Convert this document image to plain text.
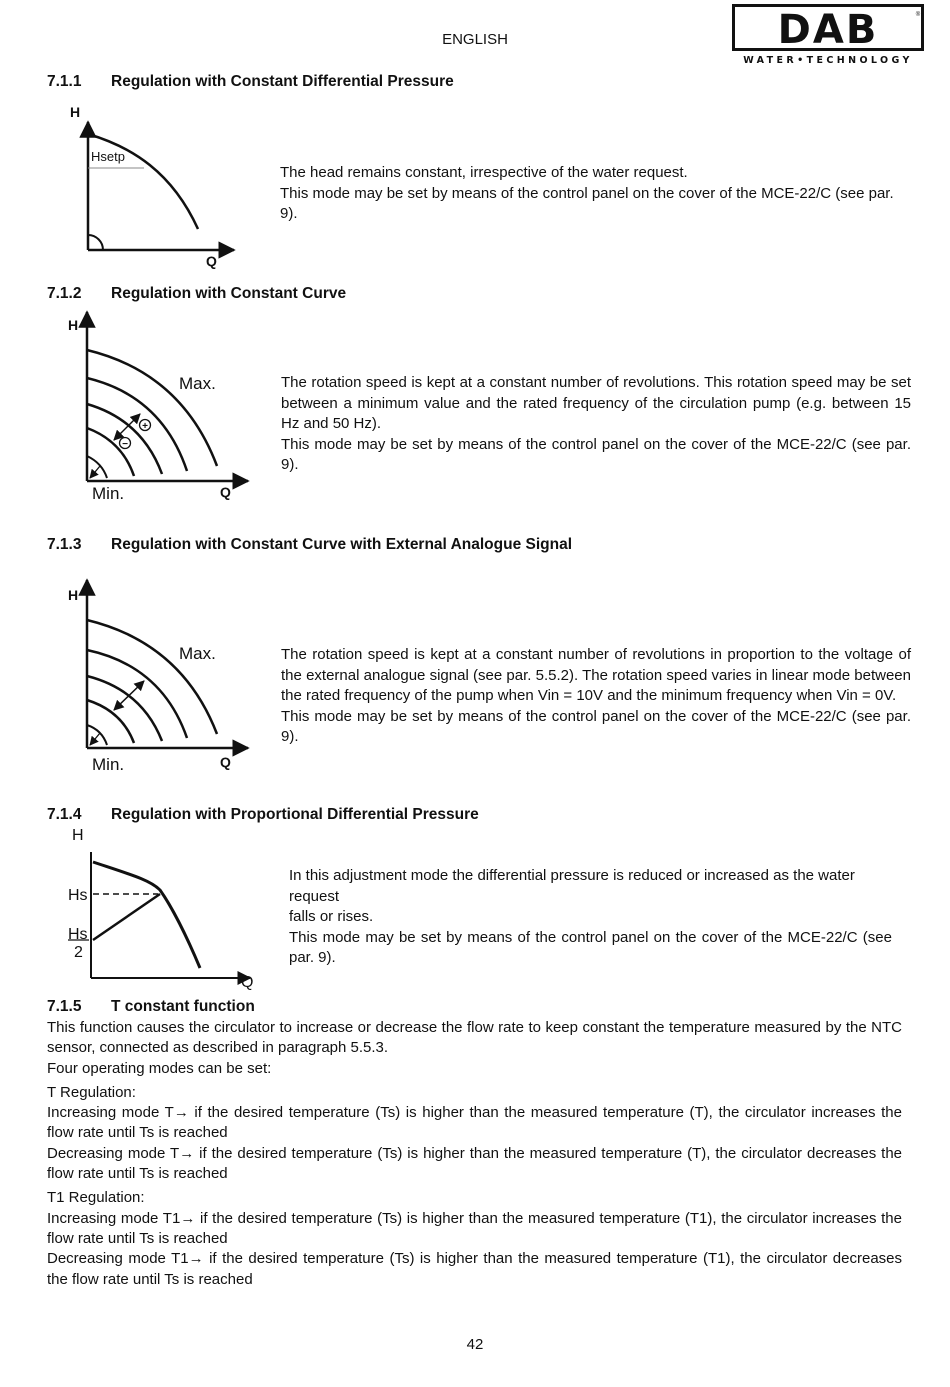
ENGLISH	DAB	®
WATER•TECHNOLOGY
7.1.1 Regulation with Constant Differential Pressure
H
Q
Hsetp
The head remains constant, irrespective of the water request.
This mode may be set by means of the control panel on the cover of the MCE-22/C (see par. 9).
7.1.2 Regulation with Constant Curve
+
−
H
Q
Max.
Min.
The rotation speed is kept at a constant number of revolutions. This rotation speed may be set between a minimum value and the rated frequency of the circulation pump (e.g. between 15 Hz and 50 Hz).
This mode may be set by means of the control panel on the cover of the MCE-22/C (see par. 9).
7.1.3 Regulation with Constant Curve with External Analogue Signal
H
Q
Max.
Min.
The rotation speed is kept at a constant number of revolutions in proportion to the voltage of the external analogue signal (see par. 5.5.2). The rotation speed varies in linear mode between the rated frequency of the pump when Vin = 10V and the minimum frequency when Vin = 0V.
This mode may be set by means of the control panel on the cover of the MCE-22/C (see par. 9).
7.1.4 Regulation with Proportional Differential Pressure
H
Q
Hs
Hs
2
In this adjustment mode the differential pressure is reduced or increased as the water request
falls or rises.
This mode may be set by means of the control panel on the cover of the MCE-22/C (see par. 9).
7.1.5 T constant function

This function causes the circulator to increase or decrease the flow rate to keep constant the temperature measured by the NTC sensor, connected as described in paragraph 5.5.3.

Four operating modes can be set:

T Regulation:

Increasing mode T→ if the desired temperature (Ts) is higher than the measured temperature (T), the circulator increases the flow rate until Ts is reached

Decreasing mode T→ if the desired temperature (Ts) is higher than the measured temperature (T), the circulator decreases the flow rate until Ts is reached

T1 Regulation:

Increasing mode T1→ if the desired temperature (Ts) is higher than the measured temperature (T1), the circulator increases the flow rate until Ts is reached

Decreasing mode T1→ if the desired temperature (Ts) is higher than the measured temperature (T1), the circulator decreases the flow rate until Ts is reached

42
